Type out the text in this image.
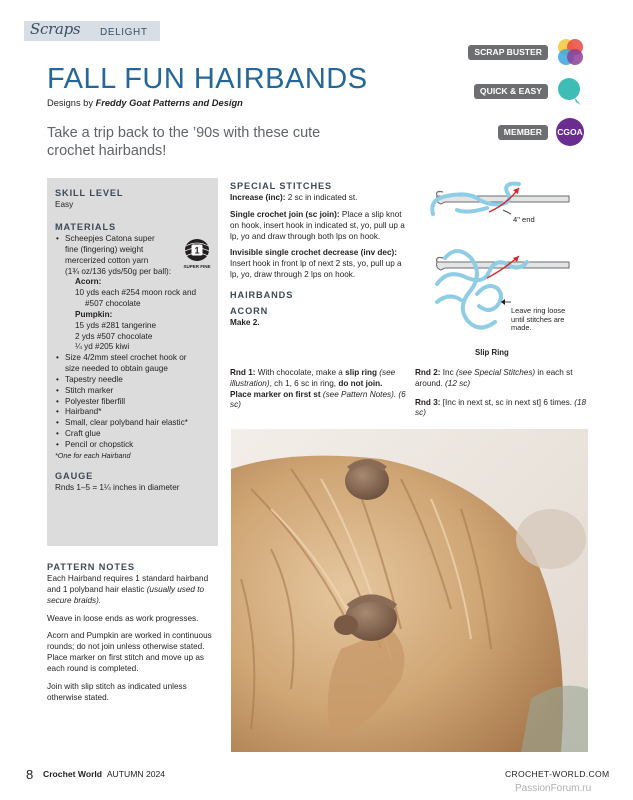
Scraps DELIGHT
FALL FUN HAIRBANDS
Designs by Freddy Goat Patterns and Design
Take a trip back to the ’90s with these cute crochet hairbands!
SCRAP BUSTER
QUICK & EASY
MEMBER	CGOA
SKILL LEVEL
Easy
MATERIALS
• Scheepjes Catona super
fine (fingering) weight
mercerized cotton yarn
(1¾ oz/136 yds/50g per ball):
Acorn:
10 yds each #254 moon rock and
#507 chocolate
Pumpkin:
15 yds #281 tangerine
2 yds #507 chocolate
¼ yd #205 kiwi
• Size 4/2mm steel crochet hook or
size needed to obtain gauge
• Tapestry needle
• Stitch marker
• Polyester fiberfill
• Hairband*
• Small, clear polyband hair elastic*
• Craft glue
• Pencil or chopstick
*One for each Hairband
GAUGE
Rnds 1–5 = 1¼ inches in diameter
1
SUPER FINE
PATTERN NOTES

Each Hairband requires 1 standard hairband and 1 polyband hair elastic (usually used to secure braids).

Weave in loose ends as work progresses.

Acorn and Pumpkin are worked in continuous rounds; do not join unless otherwise stated. Place marker on first stitch and move up as each round is completed.

Join with slip stitch as indicated unless otherwise stated.

SPECIAL STITCHES

Increase (inc): 2 sc in indicated st.

Single crochet join (sc join): Place a slip knot on hook, insert hook in indicated st, yo, pull up a lp, yo and draw through both lps on hook.

Invisible single crochet decrease (inv dec): Insert hook in front lp of next 2 sts, yo, pull up a lp, yo, draw through 2 lps on hook.

HAIRBANDS
ACORN
Make 2.
Rnd 1: With chocolate, make a slip ring (see illustration), ch 1, 6 sc in ring, do not join. Place marker on first st (see Pattern Notes). (6 sc)

Rnd 2: Inc (see Special Stitches) in each st around. (12 sc)

Rnd 3: [Inc in next st, sc in next st] 6 times. (18 sc)

4" end
Leave ring loose until stitches are made.
Slip Ring
8 Crochet World AUTUMN 2024	CROCHET-WORLD.COM
PassionForum.ru
